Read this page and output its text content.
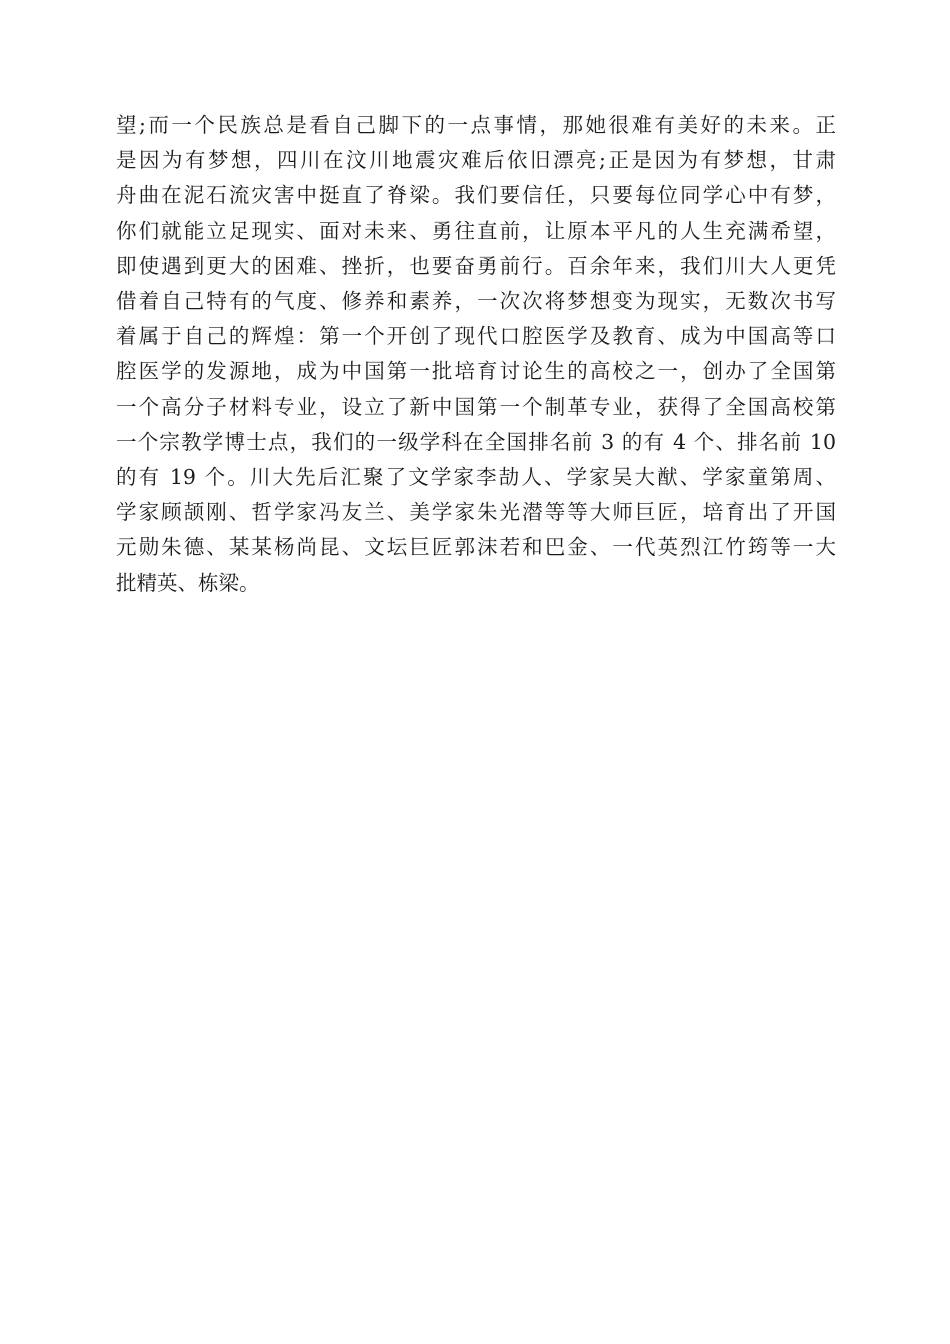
望;而一个民族总是看自己脚下的一点事情，那她很难有美好的未来。正
是因为有梦想，四川在汶川地震灾难后依旧漂亮;正是因为有梦想，甘肃
舟曲在泥石流灾害中挺直了脊梁。我们要信任，只要每位同学心中有梦，
你们就能立足现实、面对未来、勇往直前，让原本平凡的人生充满希望，
即使遇到更大的困难、挫折，也要奋勇前行。百余年来，我们川大人更凭
借着自己特有的气度、修养和素养，一次次将梦想变为现实，无数次书写
着属于自己的辉煌：第一个开创了现代口腔医学及教育、成为中国高等口
腔医学的发源地，成为中国第一批培育讨论生的高校之一，创办了全国第
一个高分子材料专业，设立了新中国第一个制革专业，获得了全国高校第
一个宗教学博士点，我们的一级学科在全国排名前 3 的有 4 个、排名前 10
的有 19 个。川大先后汇聚了文学家李劼人、学家吴大猷、学家童第周、
学家顾颉刚、哲学家冯友兰、美学家朱光潜等等大师巨匠，培育出了开国
元勋朱德、某某杨尚昆、文坛巨匠郭沫若和巴金、一代英烈江竹筠等一大
批精英、栋梁。
